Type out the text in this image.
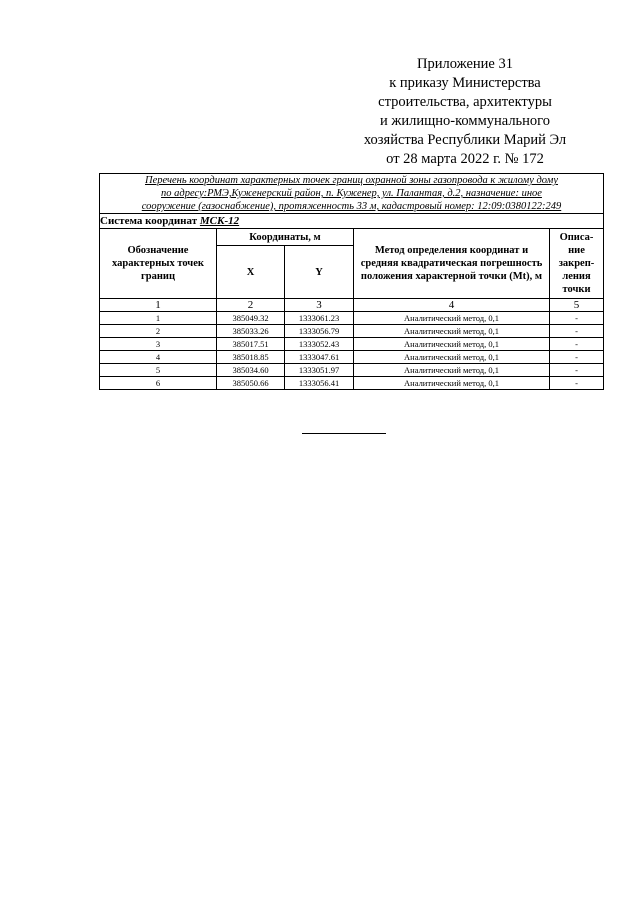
Приложение 31
к приказу Министерства
строительства, архитектуры
и жилищно-коммунального
хозяйства Республики Марий Эл
от 28 марта 2022 г. № 172
Перечень координат характерных точек границ охранной зоны газопровода к жилому дому
по адресу:РМЭ,Куженерский район, п. Куженер, ул. Палантая, д.2, назначение: иное
сооружение (газоснабжение), протяженность 33 м, кадастровый номер: 12:09:0380122:249				

Система координат МСК-12				
Обозначение характерных точек границ	Координаты, м		Метод определения координат и средняя квадратическая погрешность положения характерной точки (Mt), м	Описа-ние закреп-ления точки
	X	Y		
1	2	3	4	5
1	385049.32	1333061.23	Аналитический метод, 0,1	-
2	385033.26	1333056.79	Аналитический метод, 0,1	-
3	385017.51	1333052.43	Аналитический метод, 0,1	-
4	385018.85	1333047.61	Аналитический метод, 0,1	-
5	385034.60	1333051.97	Аналитический метод, 0,1	-
6	385050.66	1333056.41	Аналитический метод, 0,1	-
